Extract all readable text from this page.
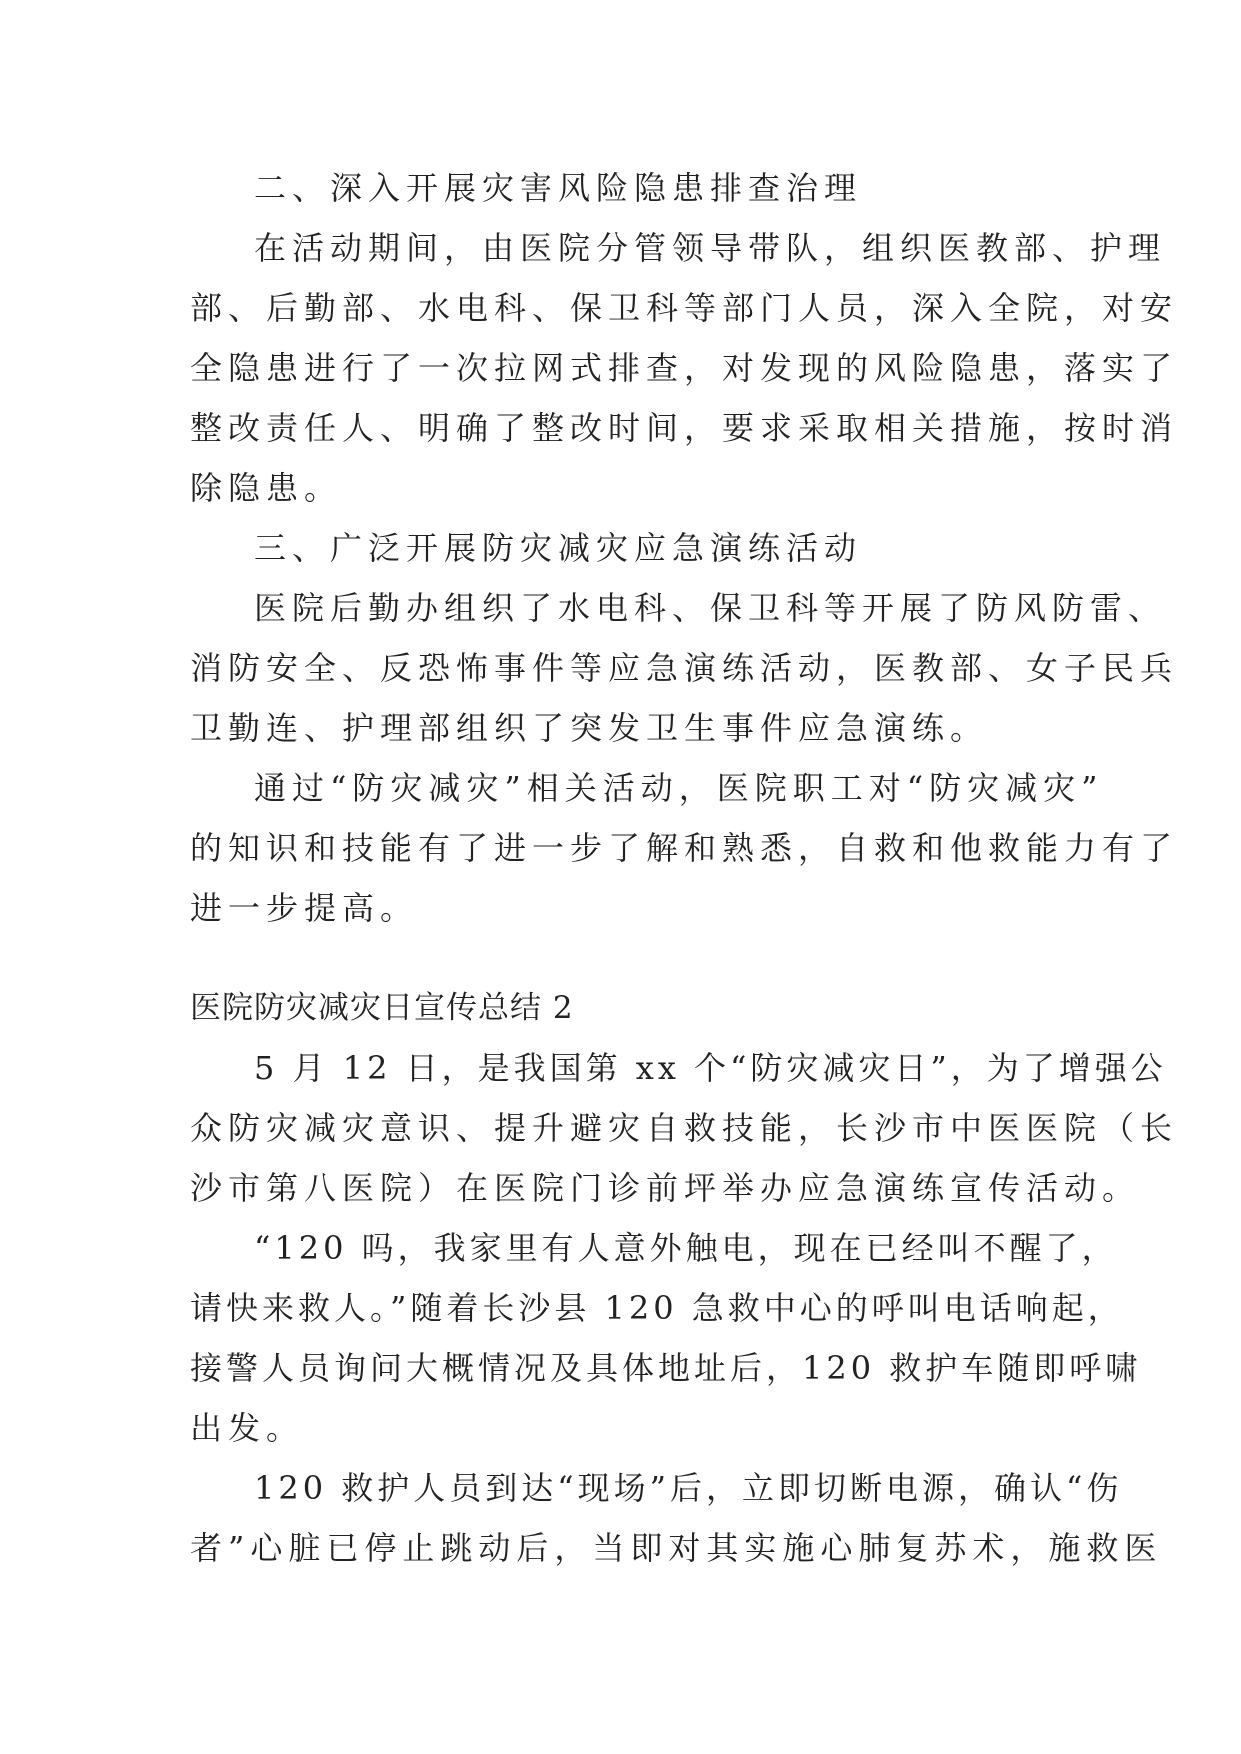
二、深入开展灾害风险隐患排查治理
在活动期间，由医院分管领导带队，组织医教部、护理
部、后勤部、水电科、保卫科等部门人员，深入全院，对安
全隐患进行了一次拉网式排查，对发现的风险隐患，落实了
整改责任人、明确了整改时间，要求采取相关措施，按时消
除隐患。
三、广泛开展防灾减灾应急演练活动
医院后勤办组织了水电科、保卫科等开展了防风防雷、
消防安全、反恐怖事件等应急演练活动，医教部、女子民兵
卫勤连、护理部组织了突发卫生事件应急演练。
通过“防灾减灾”相关活动，医院职工对“防灾减灾”
的知识和技能有了进一步了解和熟悉，自救和他救能力有了
进一步提高。
医院防灾减灾日宣传总结 2
5 月 12 日，是我国第 xx 个“防灾减灾日”，为了增强公
众防灾减灾意识、提升避灾自救技能，长沙市中医医院（长
沙市第八医院）在医院门诊前坪举办应急演练宣传活动。
“120 吗，我家里有人意外触电，现在已经叫不醒了，
请快来救人。”随着长沙县 120 急救中心的呼叫电话响起，
接警人员询问大概情况及具体地址后，120 救护车随即呼啸
出发。
120 救护人员到达“现场”后，立即切断电源，确认“伤
者”心脏已停止跳动后，当即对其实施心肺复苏术，施救医
